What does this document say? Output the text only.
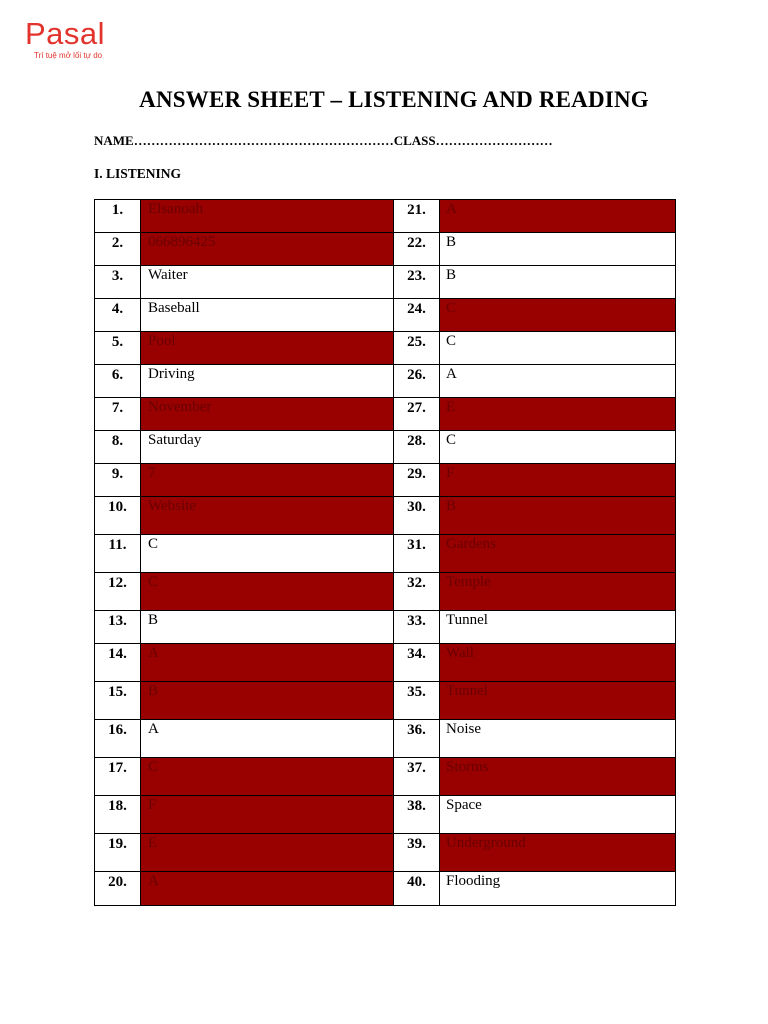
Pasal
Trí tuệ mở lối tự do
ANSWER SHEET – LISTENING AND READING
NAME……………………………………………………CLASS………………………
I. LISTENING
1.	Elsanoah	21.	A
2.	066896425	22.	B
3.	Waiter	23.	B
4.	Baseball	24.	C
5.	Pool	25.	C
6.	Driving	26.	A
7.	November	27.	E
8.	Saturday	28.	C
9.	7	29.	F
10.	Website	30.	B
11.	C	31.	Gardens
12.	C	32.	Temple
13.	B	33.	Tunnel
14.	A	34.	Wall
15.	B	35.	Tunnel
16.	A	36.	Noise
17.	C	37.	Storms
18.	F	38.	Space
19.	E	39.	Underground
20.	A	40.	Flooding
